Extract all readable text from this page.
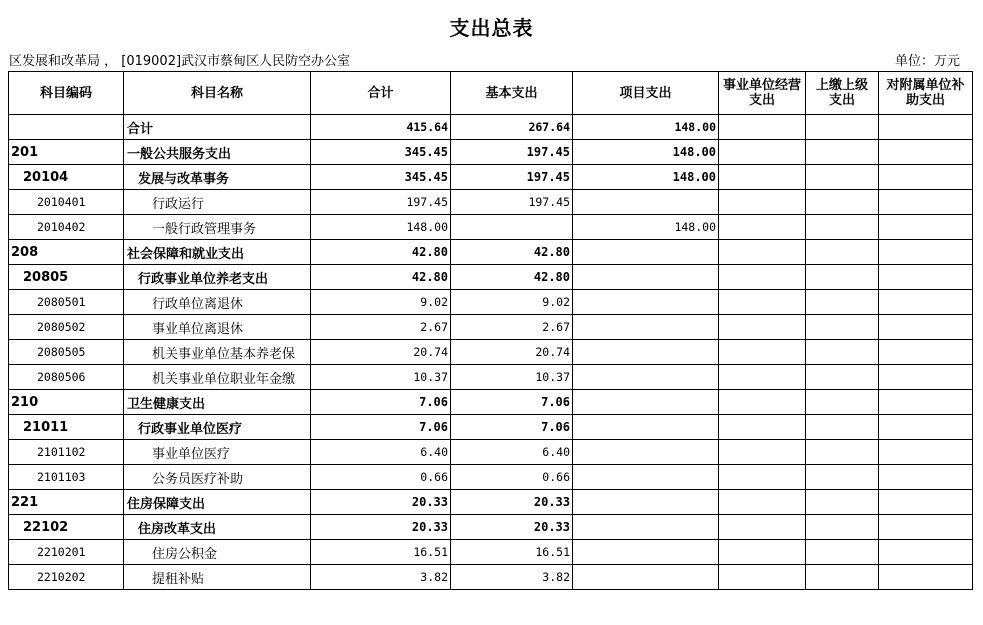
支出总表
区发展和改革局 ， [019002]武汉市蔡甸区人民防空办公室	单位：万元
科目编码	科目名称	合计	基本支出	项目支出	事业单位经营支出	上缴上级支出	对附属单位补助支出
	合计	415.64	267.64	148.00			
201	一般公共服务支出	345.45	197.45	148.00			
20104	发展与改革事务	345.45	197.45	148.00			
2010401	行政运行	197.45	197.45				
2010402	一般行政管理事务	148.00		148.00			
208	社会保障和就业支出	42.80	42.80				
20805	行政事业单位养老支出	42.80	42.80				
2080501	行政单位离退休	9.02	9.02				
2080502	事业单位离退休	2.67	2.67				
2080505	机关事业单位基本养老保	20.74	20.74				
2080506	机关事业单位职业年金缴	10.37	10.37				
210	卫生健康支出	7.06	7.06				
21011	行政事业单位医疗	7.06	7.06				
2101102	事业单位医疗	6.40	6.40				
2101103	公务员医疗补助	0.66	0.66				
221	住房保障支出	20.33	20.33				
22102	住房改革支出	20.33	20.33				
2210201	住房公积金	16.51	16.51				
2210202	提租补贴	3.82	3.82				
